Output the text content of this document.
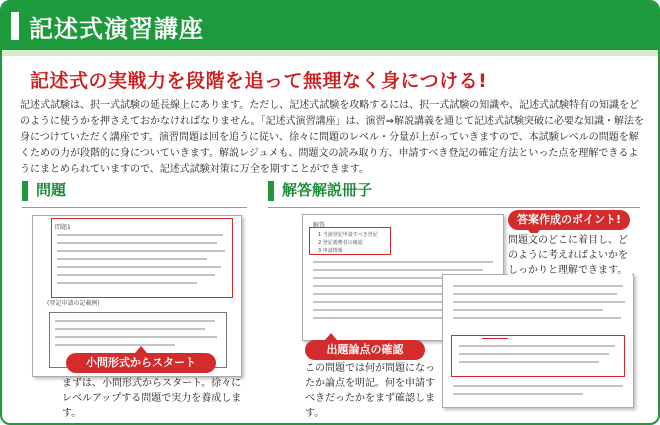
記述式演習講座
記述式の実戦力を段階を追って無理なく身につける!
記述式試験は、択一式試験の延長線上にあります。ただし、記述式試験を攻略するには、択一式試験の知識や、記述式試験特有の知識をどのように使うかを押さえておかなければなりません。「記述式演習講座」は、演習⇒解説講義を通じて記述式試験突破に必要な知識・解法を身につけていただく講座です。演習問題は回を追うに従い、徐々に問題のレベル・分量が上がっていきますので、本試験レベルの問題を解くための力が段階的に身についていきます。解説レジュメも、問題文の読み取り方、申請すべき登記の確定方法といった点を理解できるようにまとめられていますので、記述式試験対策に万全を期すことができます。
問題
問題1
(登記申請の記載例)
小問形式からスタート
まずは、小問形式からスタート。徐々にレベルアップする問題で実力を養成します。
解答解説冊子
解答
1 当該登記申請すべき登記
2 登記義務者の確認
3 申請情報
答案作成のポイント!
問題文のどこに着目し、どのように考えればよいかをしっかりと理解できます。
出題論点の確認
この問題では何が問題になったか論点を明記。何を申請すべきだったかをまず確認します。
